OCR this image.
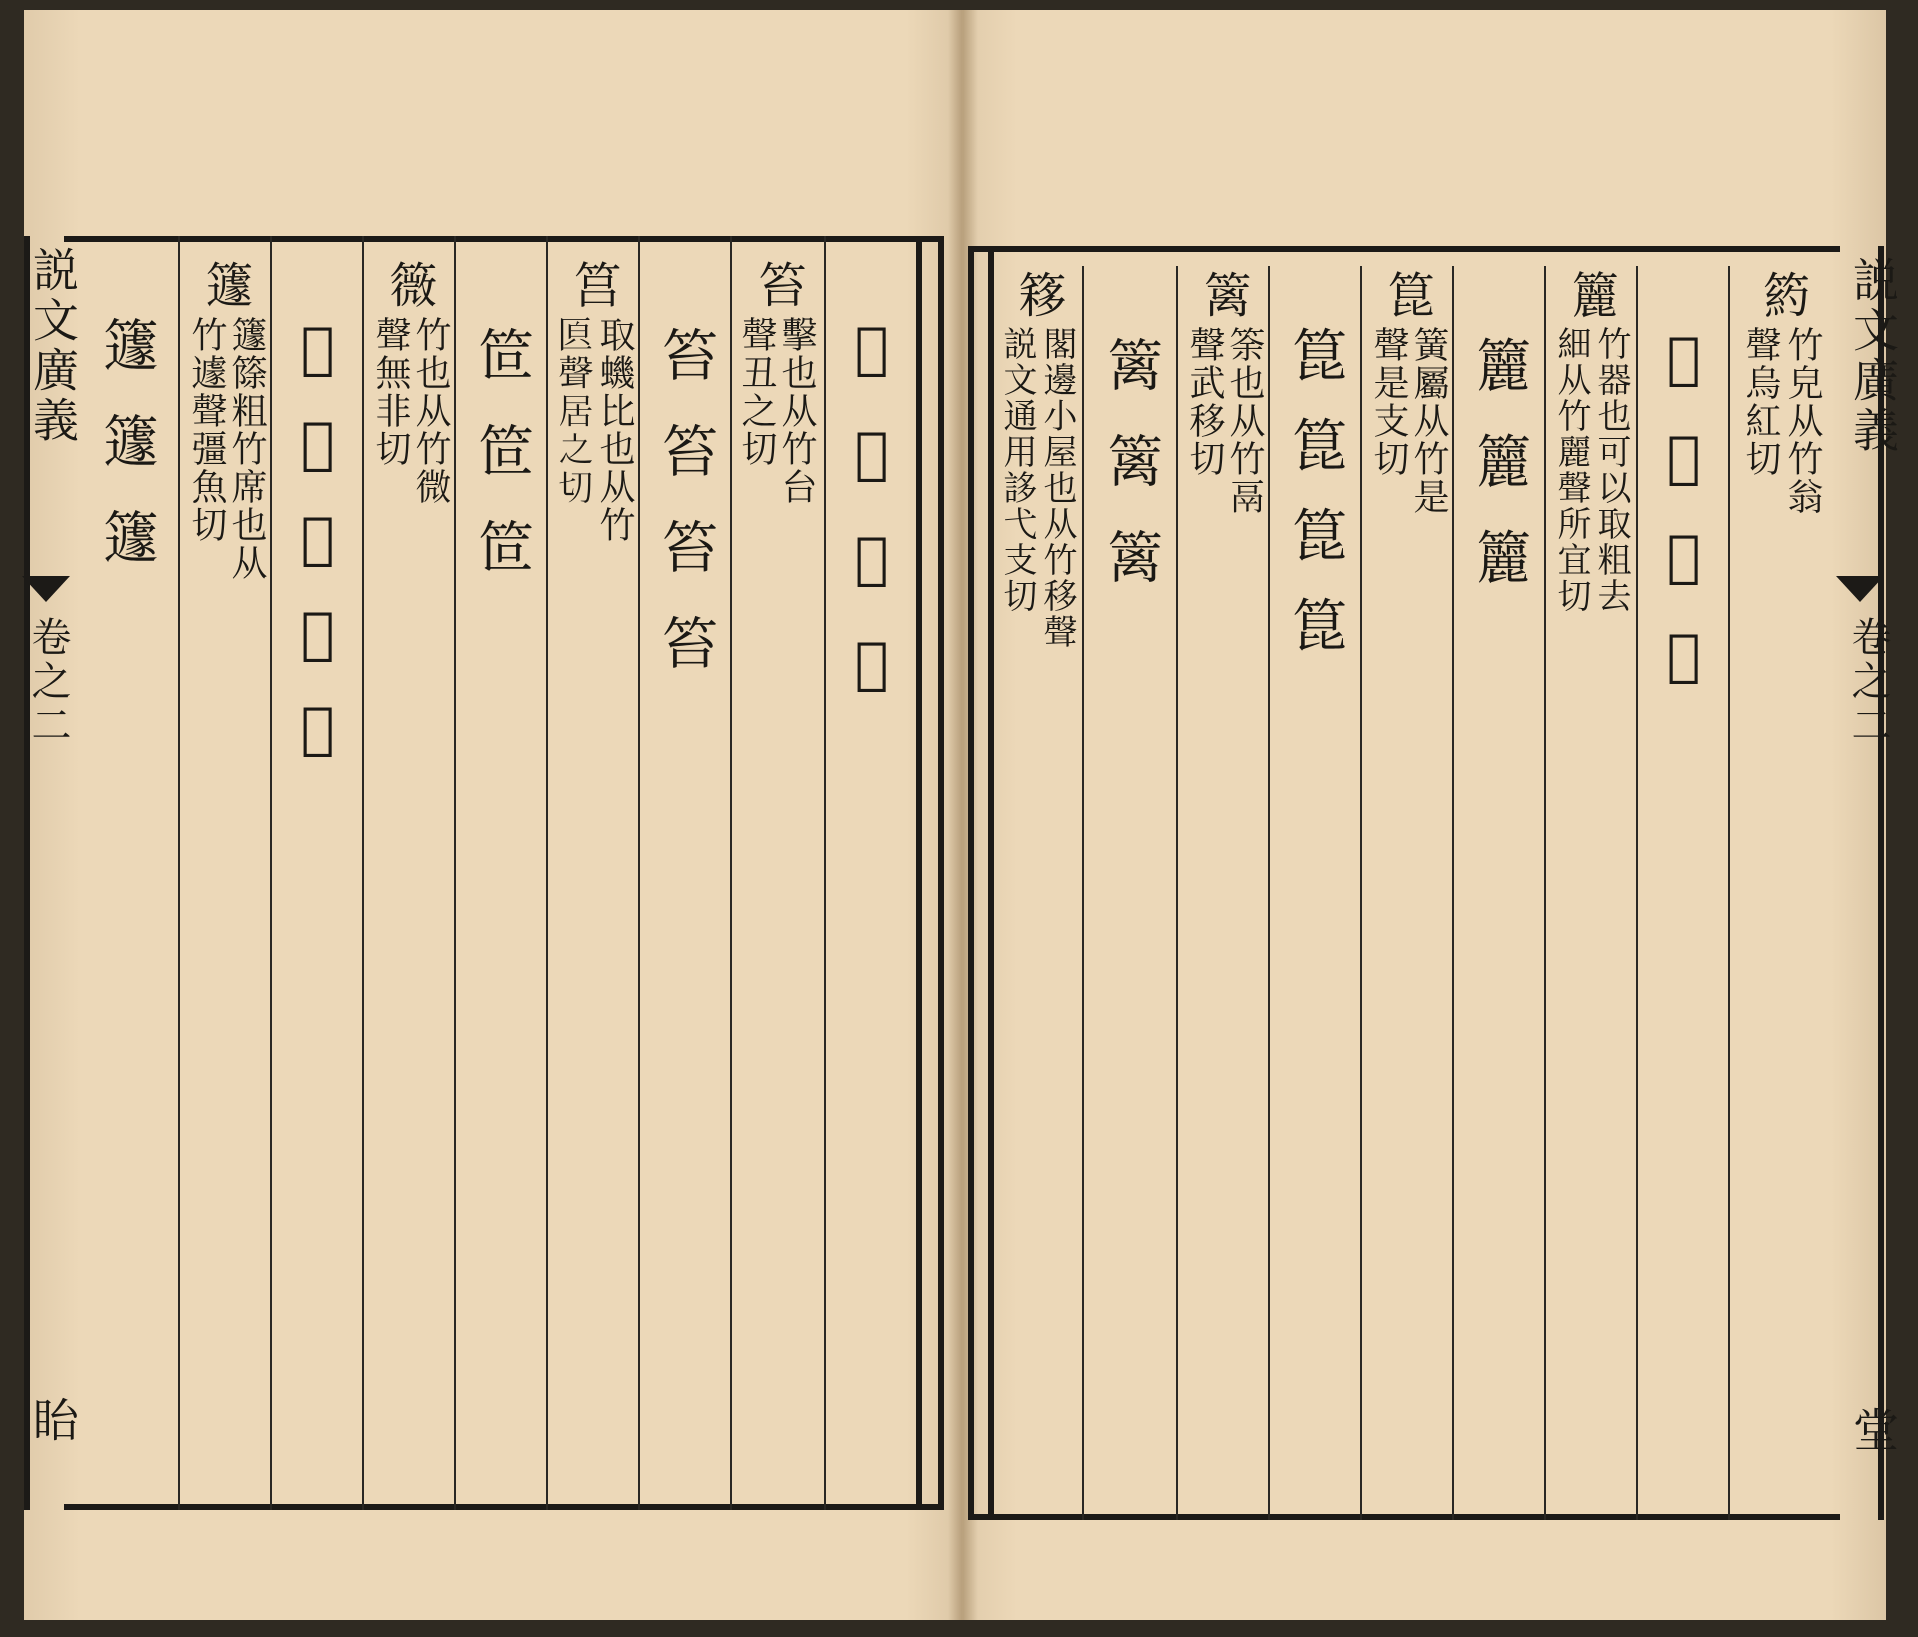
𥱧𥱧𥱧𥱧
笞
擊也从竹台
聲丑之切
笞笞笞笞
筥
取蟣比也从竹
𠥁聲居之切
笸笸笸
䉠
竹也从竹微
聲無非切
𥵌𥵌𥵌𥵌𥵌
籧
籧篨粗竹席也从
竹遽聲彊魚切
籧籧籧
説文廣義
卷之二
眙
箹
竹皃从竹翁
聲烏紅切
𥳂𥳂𥳂𥳂
籭
竹器也可以取粗去
細从竹麗聲所宜切
籭籭籭
箟
簧屬从竹是
聲是支切
箟箟箟箟
篱
筡也从竹鬲
聲武移切
篱篱篱
簃
閣邊小屋也从竹移聲
説文通用誃弋支切	説文廣義
卷之二
堂
